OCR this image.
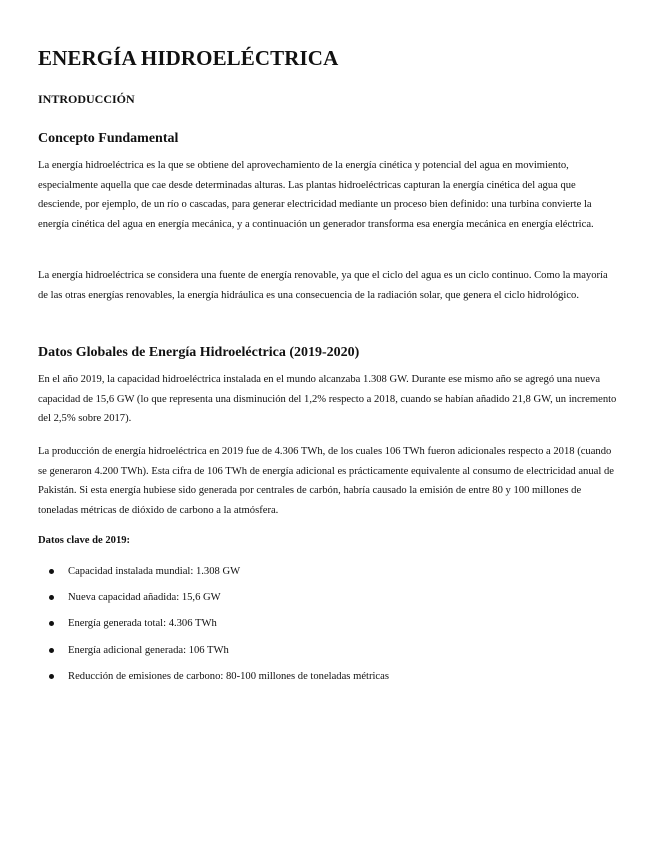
ENERGÍA HIDROELÉCTRICA
INTRODUCCIÓN
Concepto Fundamental

La energía hidroeléctrica es la que se obtiene del aprovechamiento de la energía cinética y potencial del agua en movimiento, especialmente aquella que cae desde determinadas alturas. Las plantas hidroeléctricas capturan la energía cinética del agua que desciende, por ejemplo, de un río o cascadas, para generar electricidad mediante un proceso bien definido: una turbina convierte la energía cinética del agua en energía mecánica, y a continuación un generador transforma esa energía mecánica en energía eléctrica.

La energía hidroeléctrica se considera una fuente de energía renovable, ya que el ciclo del agua es un ciclo continuo. Como la mayoría de las otras energías renovables, la energía hidráulica es una consecuencia de la radiación solar, que genera el ciclo hidrológico.

Datos Globales de Energía Hidroeléctrica (2019-2020)

En el año 2019, la capacidad hidroeléctrica instalada en el mundo alcanzaba 1.308 GW. Durante ese mismo año se agregó una nueva capacidad de 15,6 GW (lo que representa una disminución del 1,2% respecto a 2018, cuando se habían añadido 21,8 GW, un incremento del 2,5% sobre 2017).

La producción de energía hidroeléctrica en 2019 fue de 4.306 TWh, de los cuales 106 TWh fueron adicionales respecto a 2018 (cuando se generaron 4.200 TWh). Esta cifra de 106 TWh de energía adicional es prácticamente equivalente al consumo de electricidad anual de Pakistán. Si esta energía hubiese sido generada por centrales de carbón, habría causado la emisión de entre 80 y 100 millones de toneladas métricas de dióxido de carbono a la atmósfera.

Datos clave de 2019:

Capacidad instalada mundial: 1.308 GW
Nueva capacidad añadida: 15,6 GW
Energía generada total: 4.306 TWh
Energía adicional generada: 106 TWh
Reducción de emisiones de carbono: 80-100 millones de toneladas métricas
